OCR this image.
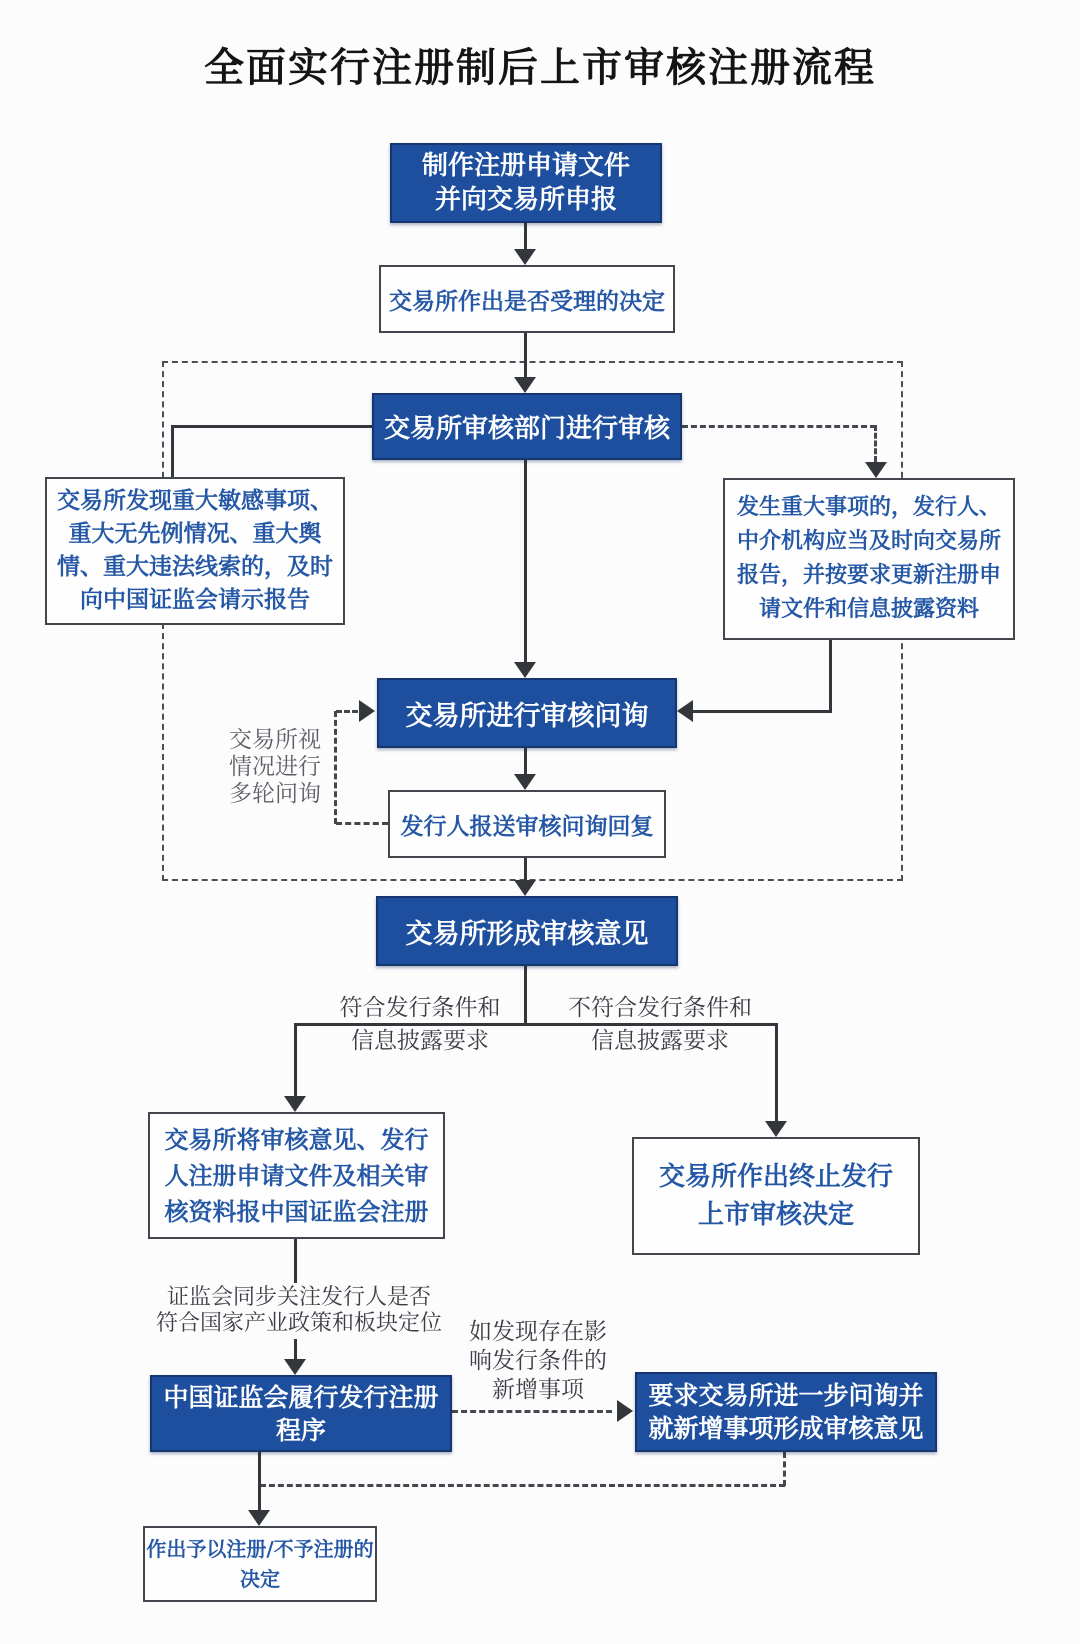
全面实行注册制后上市审核注册流程
制作注册申请文件
并向交易所申报
交易所作出是否受理的决定
交易所审核部门进行审核
交易所发现重大敏感事项、
重大无先例情况、重大舆
情、重大违法线索的，及时
向中国证监会请示报告
发生重大事项的，发行人、
中介机构应当及时向交易所
报告，并按要求更新注册申
请文件和信息披露资料
交易所进行审核问询
发行人报送审核问询回复
交易所形成审核意见
交易所将审核意见、发行
人注册申请文件及相关审
核资料报中国证监会注册
交易所作出终止发行
上市审核决定
中国证监会履行发行注册
程序
要求交易所进一步问询并
就新增事项形成审核意见
作出予以注册/不予注册的
决定
交易所视
情况进行
多轮问询
符合发行条件和
信息披露要求
不符合发行条件和
信息披露要求
证监会同步关注发行人是否
符合国家产业政策和板块定位	如发现存在影
响发行条件的
新增事项
